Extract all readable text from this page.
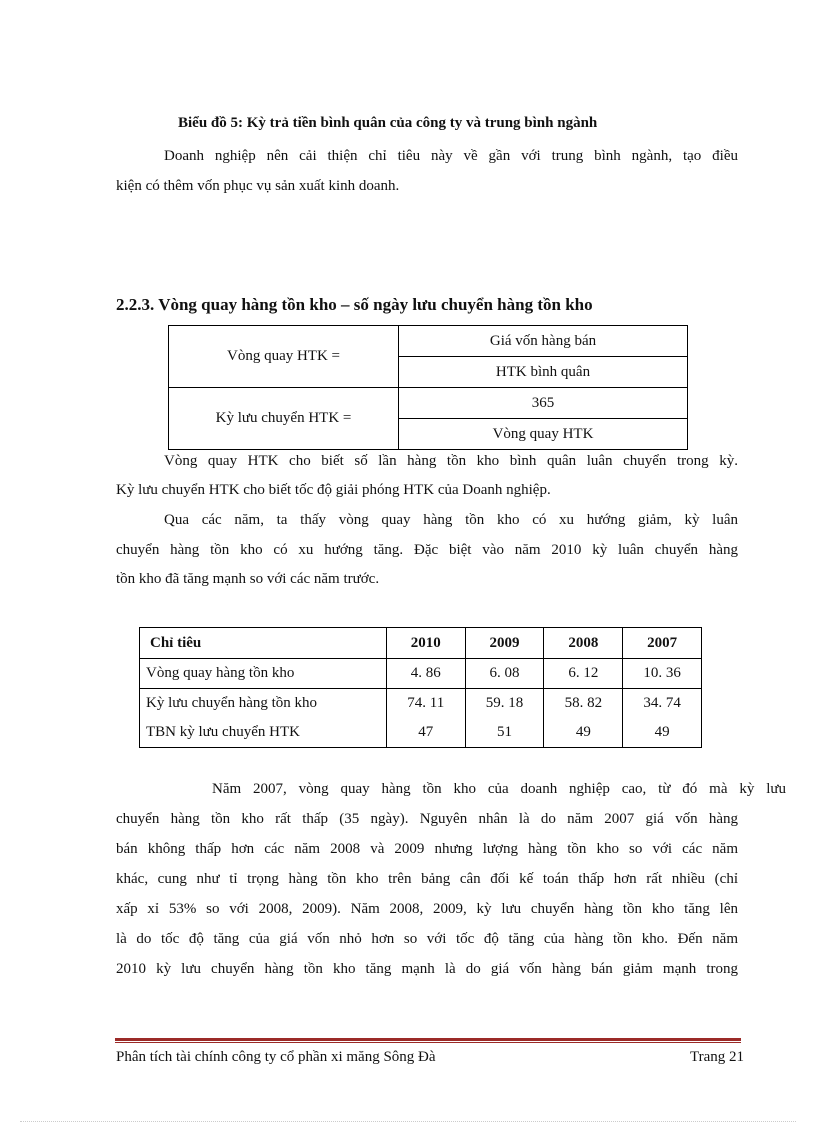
Biểu đồ 5: Kỳ trả tiền bình quân của công ty và trung bình ngành
Doanh nghiệp nên cải thiện chỉ tiêu này về gần với trung bình ngành, tạo điều
kiện có thêm vốn phục vụ sản xuất kinh doanh.
2.2.3. Vòng quay hàng tồn kho – số ngày lưu chuyển hàng tồn kho
Vòng quay HTK =	Giá vốn hàng bán
	HTK bình quân
Kỳ lưu chuyển HTK =	365
	Vòng quay HTK
Vòng quay HTK cho biết số lần hàng tồn kho bình quân luân chuyển trong kỳ.
Kỳ lưu chuyển HTK cho biết tốc độ giải phóng HTK của Doanh nghiệp.
Qua các năm, ta thấy vòng quay hàng tồn kho có xu hướng giảm, kỳ luân
chuyển hàng tồn kho có xu hướng tăng. Đặc biệt vào năm 2010 kỳ luân chuyển hàng
tồn kho đã tăng mạnh so với các năm trước.
Chỉ tiêu	2010	2009	2008	2007
Vòng quay hàng tồn kho	4. 86	6. 08	6. 12	10. 36
Kỳ lưu chuyển hàng tồn kho	74. 11	59. 18	58. 82	34. 74
TBN kỳ lưu chuyển HTK	47	51	49	49
Năm 2007, vòng quay hàng tồn kho của doanh nghiệp cao, từ đó mà kỳ lưu
chuyển hàng tồn kho rất thấp (35 ngày). Nguyên nhân là do năm 2007 giá vốn hàng
bán không thấp hơn các năm 2008 và 2009 nhưng lượng hàng tồn kho so với các năm
khác, cung như tỉ trọng hàng tồn kho trên bảng cân đối kế toán thấp hơn rất nhiều (chỉ
xấp xỉ 53% so với 2008, 2009). Năm 2008, 2009, kỳ lưu chuyển hàng tồn kho tăng lên
là do tốc độ tăng của giá vốn nhỏ hơn so với tốc độ tăng của hàng tồn kho. Đến năm
2010 kỳ lưu chuyển hàng tồn kho tăng mạnh là do giá vốn hàng bán giảm mạnh trong
Phân tích tài chính công ty cổ phần xi măng Sông Đà	Trang 21
